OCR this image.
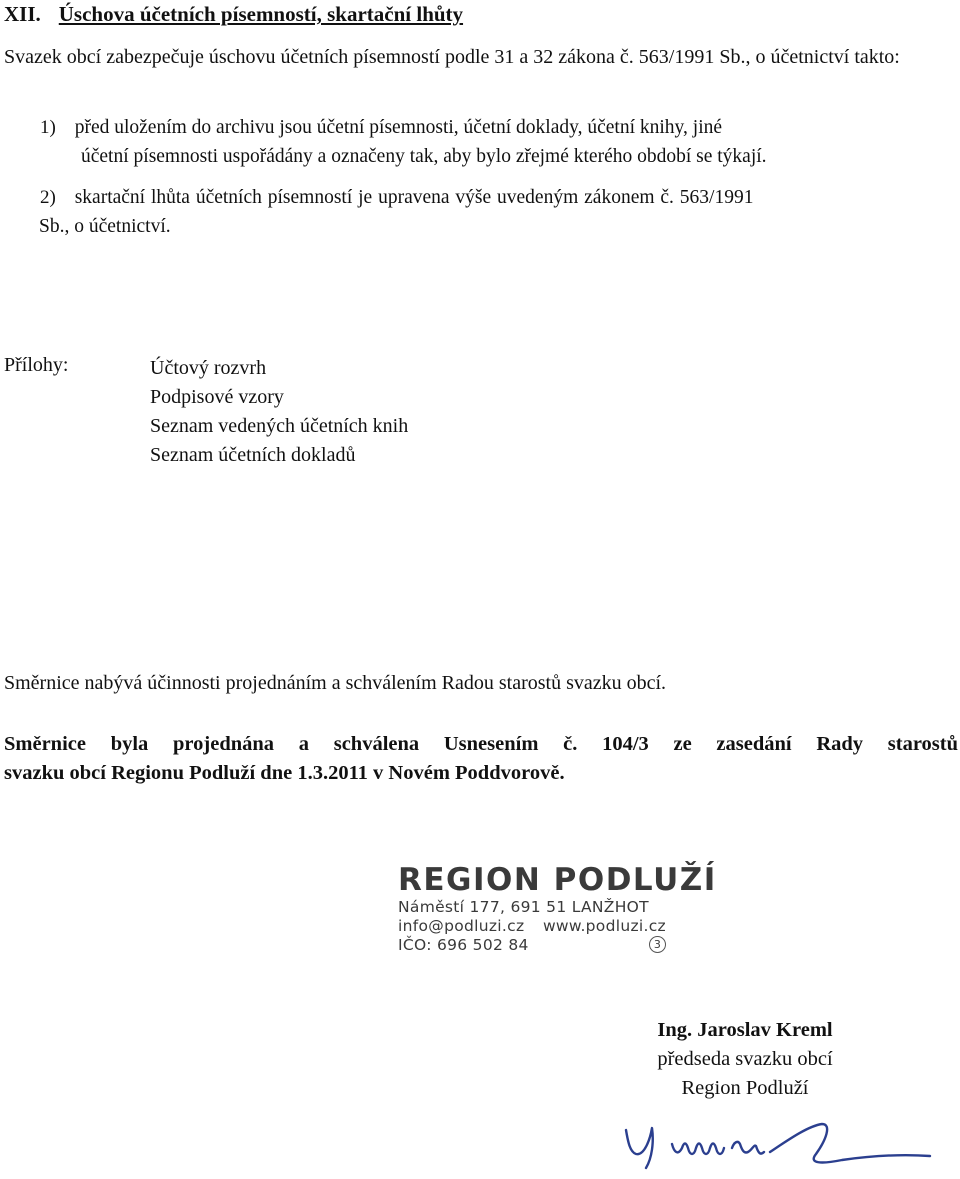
XII. Úschova účetních písemností, skartační lhůty
Svazek obcí zabezpečuje úschovu účetních písemností podle 31 a 32 zákona č. 563/1991 Sb., o účetnictví takto:
1) před uložením do archivu jsou účetní písemnosti, účetní doklady, účetní knihy, jiné
účetní písemnosti uspořádány a označeny tak, aby bylo zřejmé kterého období se týkají.
2) skartační lhůta účetních písemností je upravena výše uvedeným zákonem č. 563/1991
Sb., o účetnictví.
Přílohy:	Účtový rozvrh
Podpisové vzory
Seznam vedených účetních knih
Seznam účetních dokladů
Směrnice nabývá účinnosti projednáním a schválením Radou starostů svazku obcí.
Směrnice byla projednána a schválena Usnesením č. 104/3 ze zasedání Rady starostů
svazku obcí Regionu Podluží dne 1.3.2011 v Novém Poddvorově.
REGION PODLUŽÍ
Náměstí 177, 691 51 LANŽHOT
info@podluzi.cz www.podluzi.cz
IČO: 696 502 84	3
Ing. Jaroslav Kreml
předseda svazku obcí
Region Podluží
